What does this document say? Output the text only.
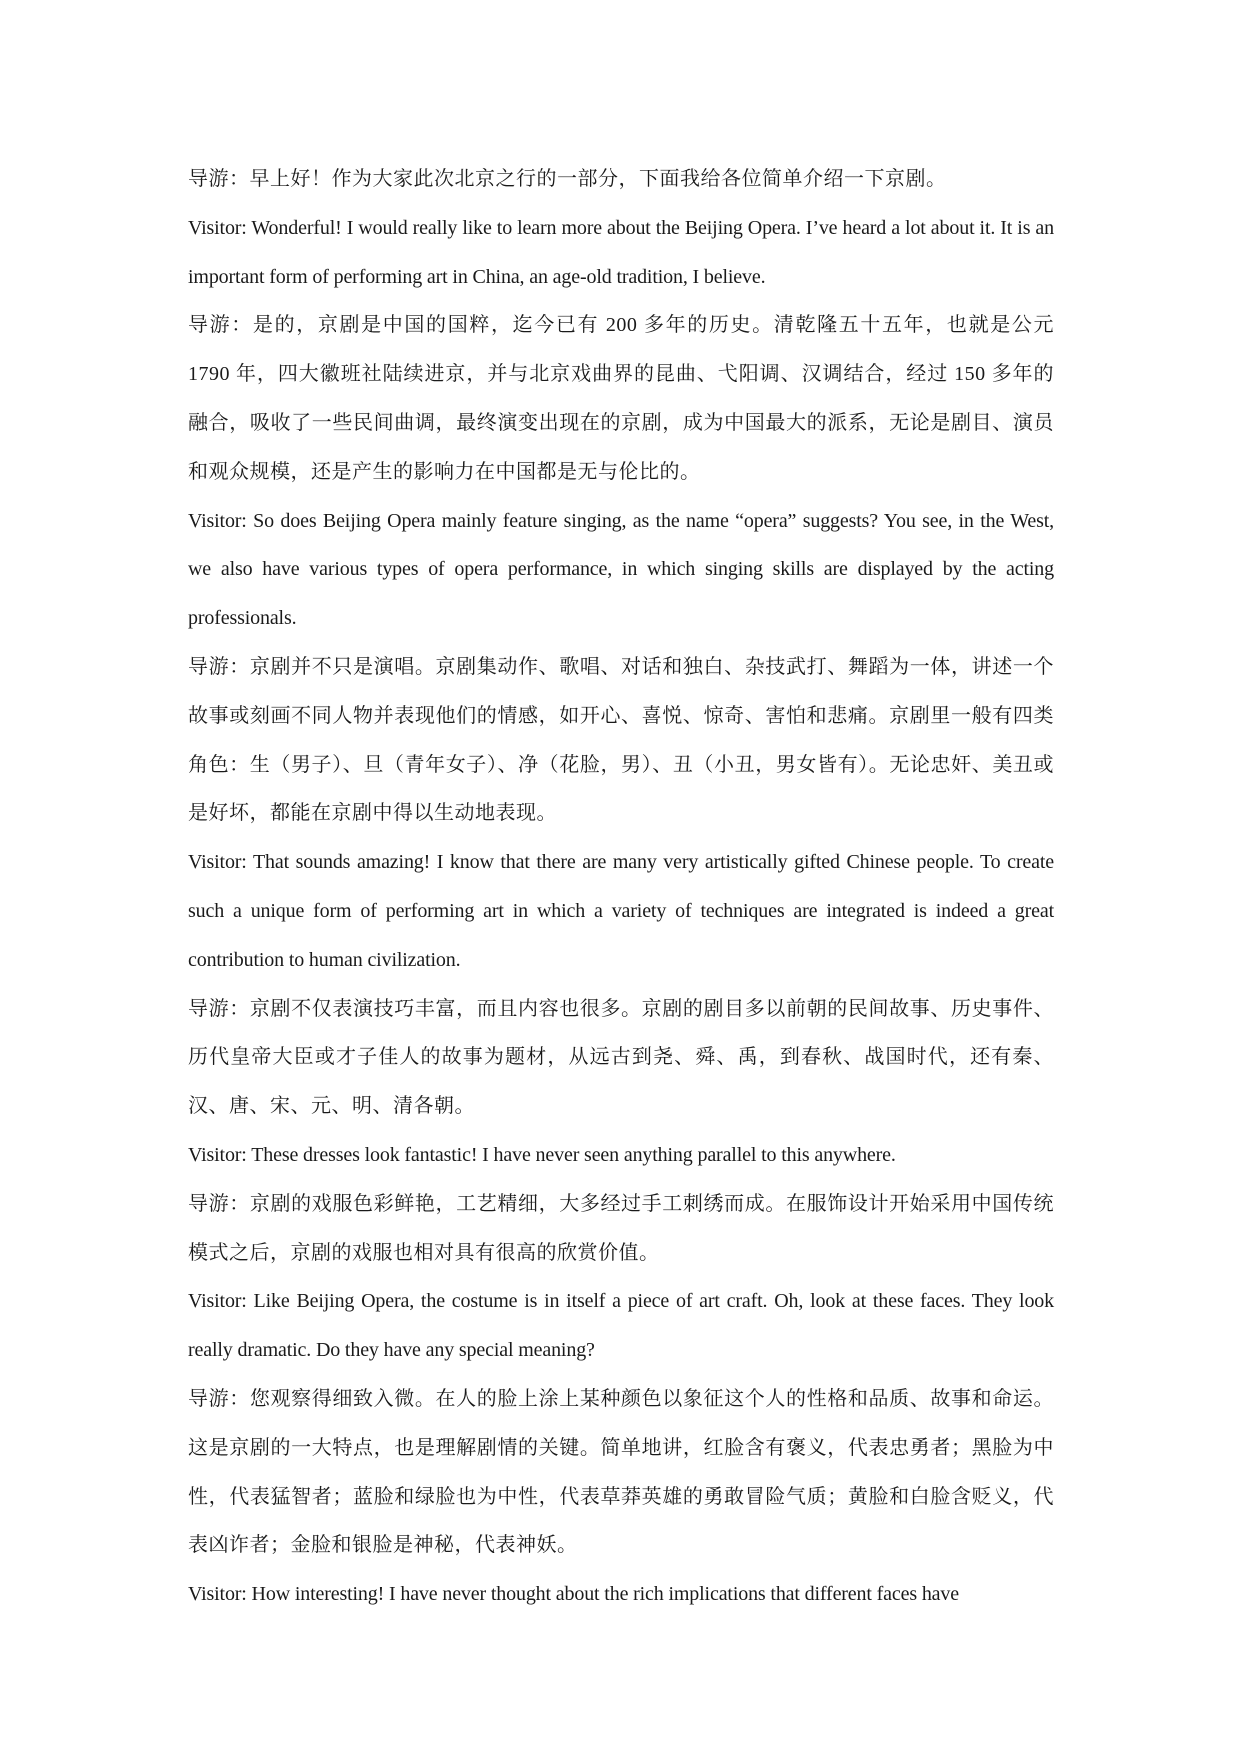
导游：早上好！作为大家此次北京之行的一部分，下面我给各位简单介绍一下京剧。

Visitor: Wonderful! I would really like to learn more about the Beijing Opera. I’ve heard a lot about it. It is an important form of performing art in China, an age-old tradition, I believe.

导游：是的，京剧是中国的国粹，迄今已有 200 多年的历史。清乾隆五十五年，也就是公元 1790 年，四大徽班社陆续进京，并与北京戏曲界的昆曲、弋阳调、汉调结合，经过 150 多年的融合，吸收了一些民间曲调，最终演变出现在的京剧，成为中国最大的派系，无论是剧目、演员和观众规模，还是产生的影响力在中国都是无与伦比的。

Visitor: So does Beijing Opera mainly feature singing, as the name “opera” suggests? You see, in the West, we also have various types of opera performance, in which singing skills are displayed by the acting professionals.

导游：京剧并不只是演唱。京剧集动作、歌唱、对话和独白、杂技武打、舞蹈为一体，讲述一个故事或刻画不同人物并表现他们的情感，如开心、喜悦、惊奇、害怕和悲痛。京剧里一般有四类角色：生（男子）、旦（青年女子）、净（花脸，男）、丑（小丑，男女皆有）。无论忠奸、美丑或是好坏，都能在京剧中得以生动地表现。

Visitor: That sounds amazing! I know that there are many very artistically gifted Chinese people. To create such a unique form of performing art in which a variety of techniques are integrated is indeed a great contribution to human civilization.

导游：京剧不仅表演技巧丰富，而且内容也很多。京剧的剧目多以前朝的民间故事、历史事件、历代皇帝大臣或才子佳人的故事为题材，从远古到尧、舜、禹，到春秋、战国时代，还有秦、汉、唐、宋、元、明、清各朝。

Visitor: These dresses look fantastic! I have never seen anything parallel to this anywhere.

导游：京剧的戏服色彩鲜艳，工艺精细，大多经过手工刺绣而成。在服饰设计开始采用中国传统模式之后，京剧的戏服也相对具有很高的欣赏价值。

Visitor: Like Beijing Opera, the costume is in itself a piece of art craft. Oh, look at these faces. They look really dramatic. Do they have any special meaning?

导游：您观察得细致入微。在人的脸上涂上某种颜色以象征这个人的性格和品质、故事和命运。这是京剧的一大特点，也是理解剧情的关键。简单地讲，红脸含有褒义，代表忠勇者；黑脸为中性，代表猛智者；蓝脸和绿脸也为中性，代表草莽英雄的勇敢冒险气质；黄脸和白脸含贬义，代表凶诈者；金脸和银脸是神秘，代表神妖。

Visitor: How interesting! I have never thought about the rich implications that different faces have
